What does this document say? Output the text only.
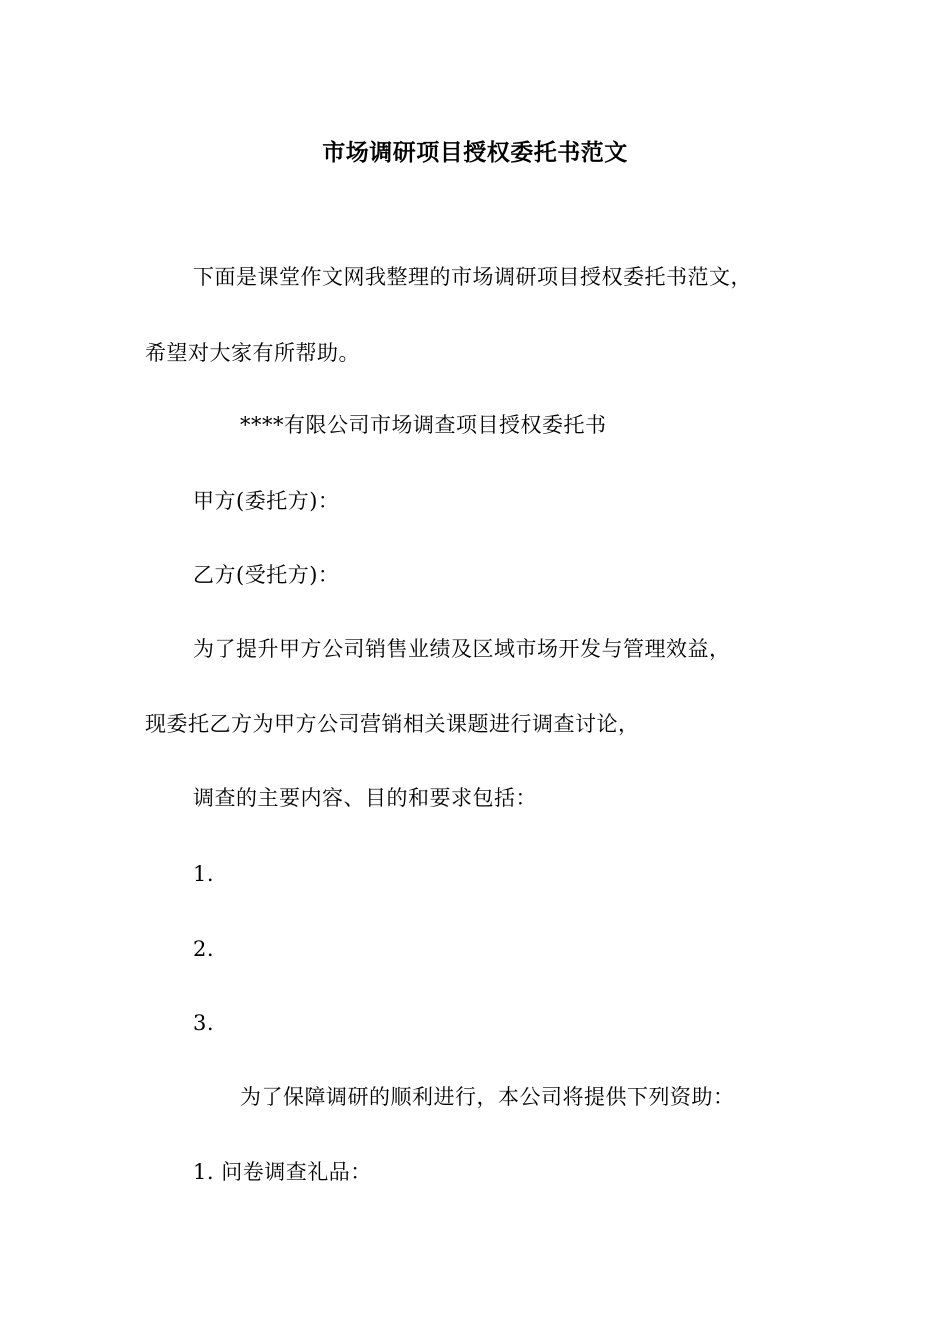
市场调研项目授权委托书范文
下面是课堂作文网我整理的市场调研项目授权委托书范文，
希望对大家有所帮助。
****有限公司市场调查项目授权委托书
甲方(委托方)：
乙方(受托方)：
为了提升甲方公司销售业绩及区域市场开发与管理效益，
现委托乙方为甲方公司营销相关课题进行调查讨论，
调查的主要内容、目的和要求包括：
1.
2.
3.
为了保障调研的顺利进行，本公司将提供下列资助：
1. 问卷调查礼品：
